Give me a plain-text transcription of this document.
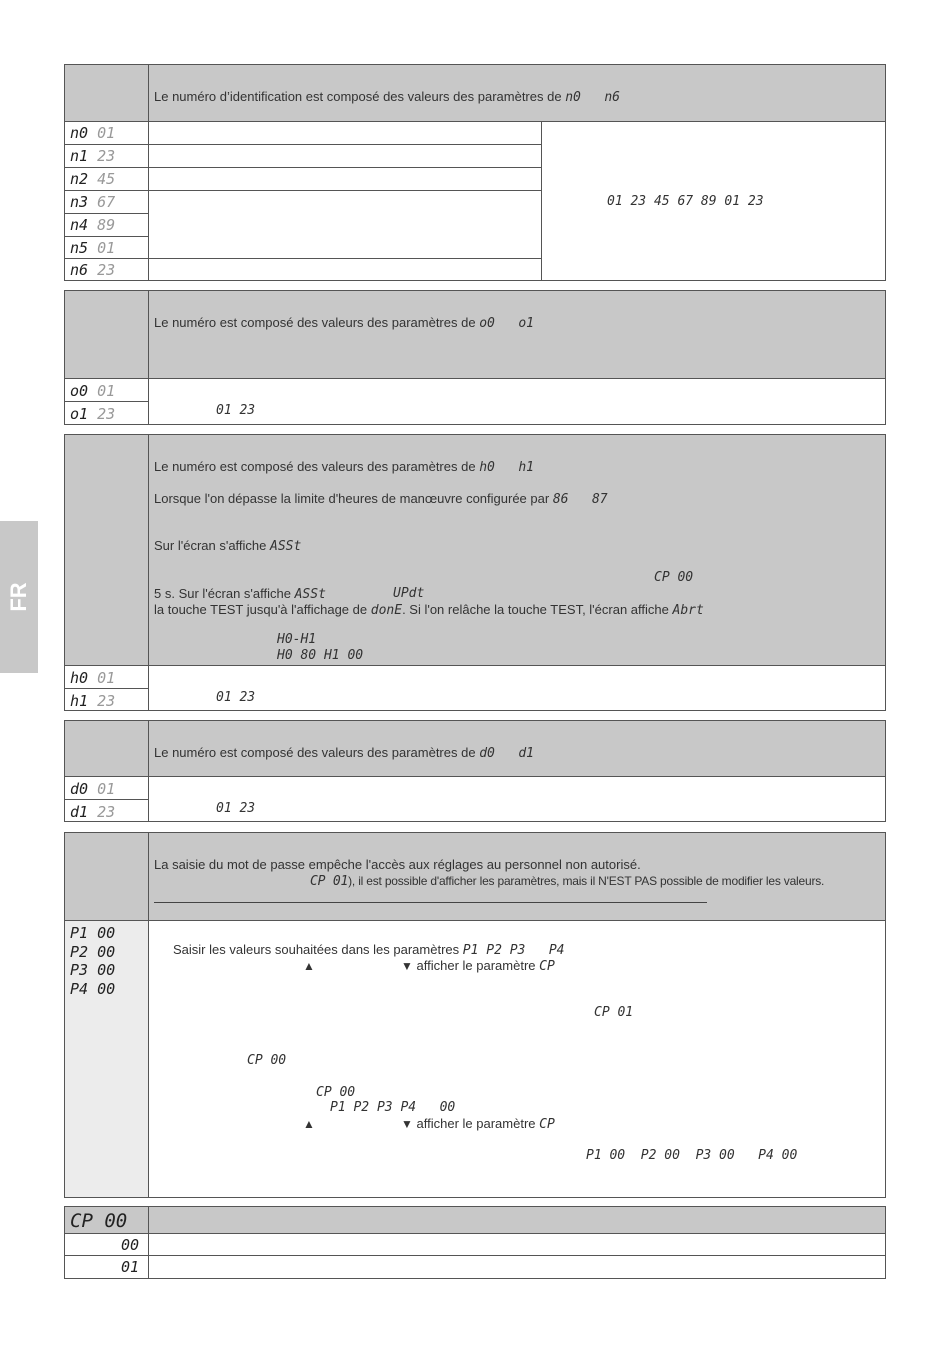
FR
Le numéro d’identification est composé des valeurs des paramètres de n0   n6
n0 01
n1 23
n2 45
n3 67
n4 89
n5 01
n6 23
01 23 45 67 89 01 23
Le numéro est composé des valeurs des paramètres de o0   o1
o0 01
o1 23	01 23
Le numéro est composé des valeurs des paramètres de h0   h1
Lorsque l'on dépasse la limite d'heures de manœuvre configurée par 86   87
Sur l'écran s'affiche ASSt
CP 00
5 s. Sur l'écran s'affiche ASSt	UPdt
la touche TEST jusqu'à l'affichage de donE. Si l'on relâche la touche TEST, l'écran affiche Abrt
H0-H1
H0 80 H1 00
h0 01
h1 23	01 23
Le numéro est composé des valeurs des paramètres de d0   d1
d0 01
d1 23	01 23
La saisie du mot de passe empêche l'accès aux réglages au personnel non autorisé.
CP 01), il est possible d'afficher les paramètres, mais il N'EST PAS possible de modifier les valeurs.
P1 00
P2 00
P3 00
P4 00
Saisir les valeurs souhaitées dans les paramètres P1 P2 P3   P4
▲	▼ afficher le paramètre CP
CP 01
CP 00
CP 00
P1 P2 P3 P4   00
▲	▼ afficher le paramètre CP
P1 00  P2 00  P3 00   P4 00
CP 00
00
01
